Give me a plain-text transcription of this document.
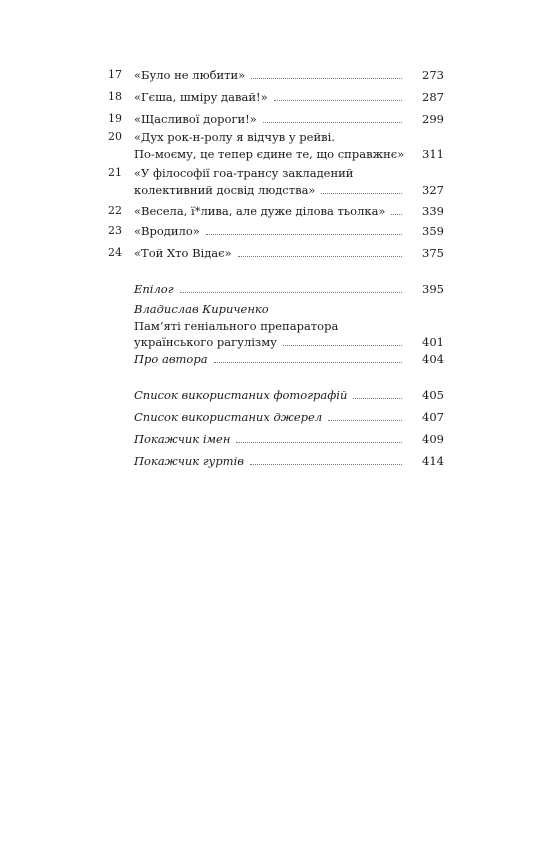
17	«Було не любити»	273
18	«Гєша, шміру давай!»	287
19	«Щасливої дороги!»	299
20	«Дух рок-н-ролу я відчув у рейві.
По-моєму, це тепер єдине те, що справжнє»	311
21	«У філософії гоа-трансу закладений
колективний досвід людства»	327
22	«Весела, ї*лива, але дуже ділова тьолка»	339
23	«Вродило»	359
24	«Той Хто Відає»	375
Епілог	395
Владислав Кириченко
Пам’яті геніального препаратора
українського рагулізму	401
Про автора	404
Список використаних фотографій	405
Список використаних джерел	407
Покажчик імен	409
Покажчик гуртів	414
